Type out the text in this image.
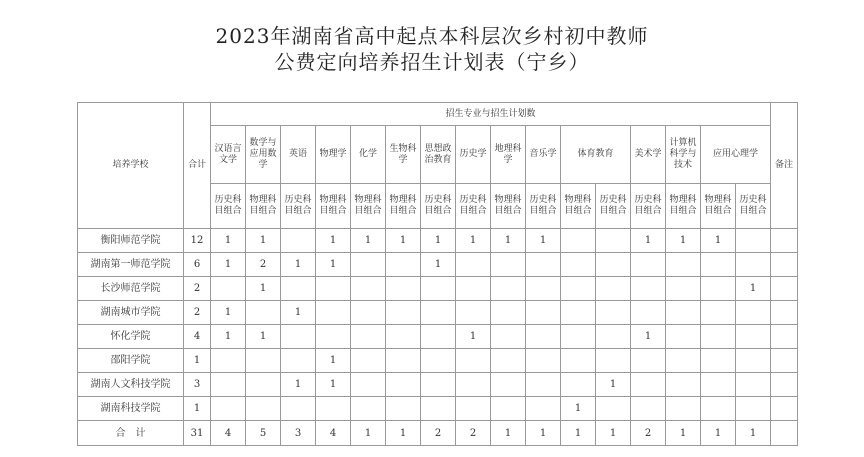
2023年湖南省高中起点本科层次乡村初中教师
公费定向培养招生计划表（宁乡）
培养学校	合计	招生专业与招生计划数																备注
		汉语言文学	数学与应用数学	英语	物理学	化学	生物科学	思想政治教育	历史学	地理科学	音乐学	体育教育		美术学	计算机科学与技术	应用心理学		
		历史科目组合	物理科目组合	历史科目组合	物理科目组合	物理科目组合	物理科目组合	历史科目组合	历史科目组合	物理科目组合	历史科目组合	物理科目组合	历史科目组合	历史科目组合	物理科目组合	物理科目组合	历史科目组合	
衡阳师范学院	12	1	1		1	1	1	1	1	1	1			1	1	1		
湖南第一师范学院	6	1	2	1	1			1										
长沙师范学院	2		1														1	
湖南城市学院	2	1		1														
怀化学院	4	1	1						1					1				
邵阳学院	1				1													
湖南人文科技学院	3			1	1								1					
湖南科技学院	1											1						
合　计	31	4	5	3	4	1	1	2	2	1	1	1	1	2	1	1	1	
